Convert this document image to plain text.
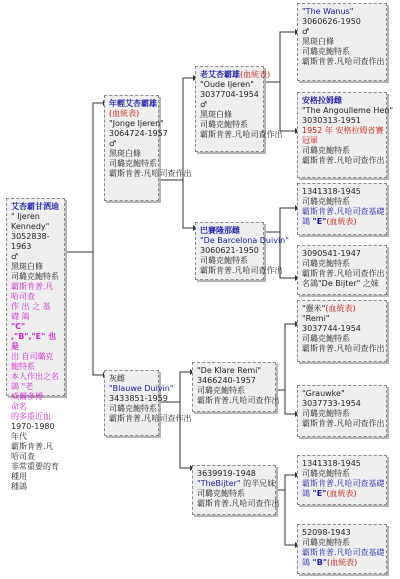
艾杏霸甘洒迪
" Ijeren Kennedy"
3052838-1963
♂
黑斑白條
司璐克鮑特系
霸斯肯普.凡哈司查
作 出 之 基 礎 鴿
"C" ,"B","E" 也 是
出 自司璐克鮑特系
本人作出之名鴿 "老
威爾多傅
命名
的多重近血
1970-1980 年代
霸斯肯普.凡哈司查
非常重要的育種用
種鴿
年輕艾杏霸雄
(血統表)
"Jonge Ijeren"
3064724-1957
♂
黑斑白條
司璐克鮑特系
霸斯肯普.凡哈司查作出
灰雌
"Blauwe Duivin"
3433851-1959
司璐克鮑特系
霸斯肯普.凡哈司查作出
老艾杏霸雄(血統表)
"Oude Ijeren"
3037704-1954
♂
黑斑白條
司璐克鮑特系
霸斯肯普.凡哈司查作出
巴賽隆那雌
"De Barcelona Duivin"
3060621-1950
司璐克鮑特系
霸斯肯普.凡哈司查作出
"De Klare Remi"
3466240-1957
司璐克鮑特系
霸斯肯普.凡哈司查作出
3639919-1948
"TheBijter" 的半兄妹
司璐克鮑特系
霸斯肯普.凡哈司查作出
"The Wanus"
3060626-1950
♂
黑斑白條
司璐克鮑特系
霸斯肯普.凡哈司查作出
安格拉姆雌
"The Angoulleme Hen"
3030313-1951
1952 年 安格拉姆省賽
冠軍
司璐克鮑特系
霸斯肯普.凡哈司查作出
1341318-1945
司璐克鮑特系
霸斯肯普.凡哈司查基礎
鴿 "E"(血統表)
3090541-1947
司璐克鮑特系
霸斯肯普.凡哈司查作出
名鴿"De Bijter" 之妹
"靈米"(血統表)
"Remi"
3037744-1954
司璐克鮑特系
霸斯肯普.凡哈司查作出
"Grauwke"
3037733-1954
司璐克鮑特系
霸斯肯普.凡哈司查作出
1341318-1945
司璐克鮑特系
霸斯肯普.凡哈司查基礎
鴿 "E"(血統表)
52098-1943
司璐克鮑特系
霸斯肯普.凡哈司查基礎
鴿 "B"(血統表)
